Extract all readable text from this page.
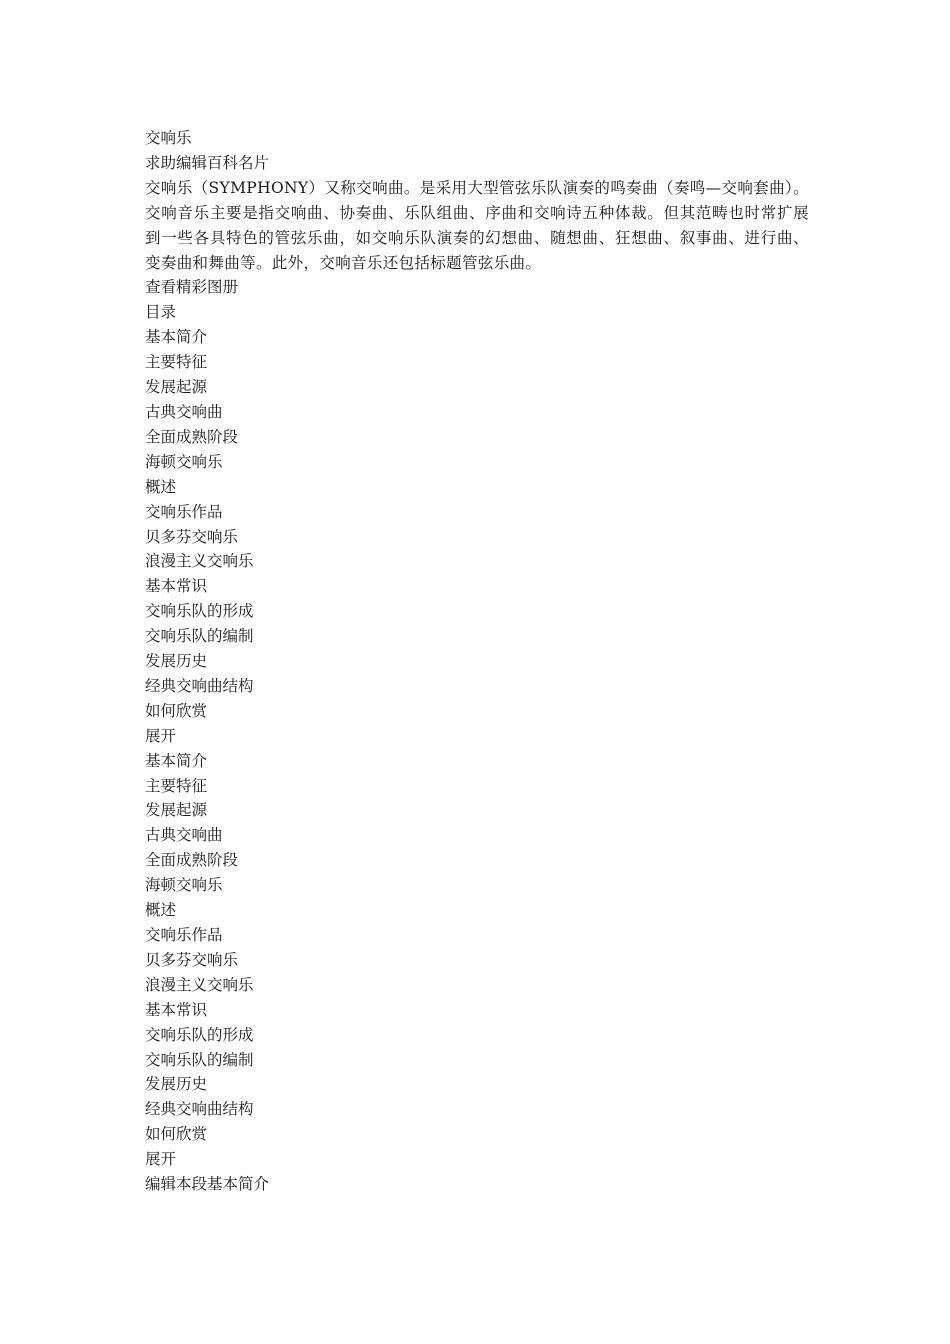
交响乐
求助编辑百科名片
交响乐（SYMPHONY）又称交响曲。是采用大型管弦乐队演奏的鸣奏曲（奏鸣—交响套曲）。交响音乐主要是指交响曲、协奏曲、乐队组曲、序曲和交响诗五种体裁。但其范畴也时常扩展到一些各具特色的管弦乐曲，如交响乐队演奏的幻想曲、随想曲、狂想曲、叙事曲、进行曲、变奏曲和舞曲等。此外，交响音乐还包括标题管弦乐曲。
查看精彩图册
目录
基本简介
主要特征
发展起源
古典交响曲
全面成熟阶段
海顿交响乐
概述
交响乐作品
贝多芬交响乐
浪漫主义交响乐
基本常识
交响乐队的形成
交响乐队的编制
发展历史
经典交响曲结构
如何欣赏
展开
基本简介
主要特征
发展起源
古典交响曲
全面成熟阶段
海顿交响乐
概述
交响乐作品
贝多芬交响乐
浪漫主义交响乐
基本常识
交响乐队的形成
交响乐队的编制
发展历史
经典交响曲结构
如何欣赏
展开
编辑本段基本简介
